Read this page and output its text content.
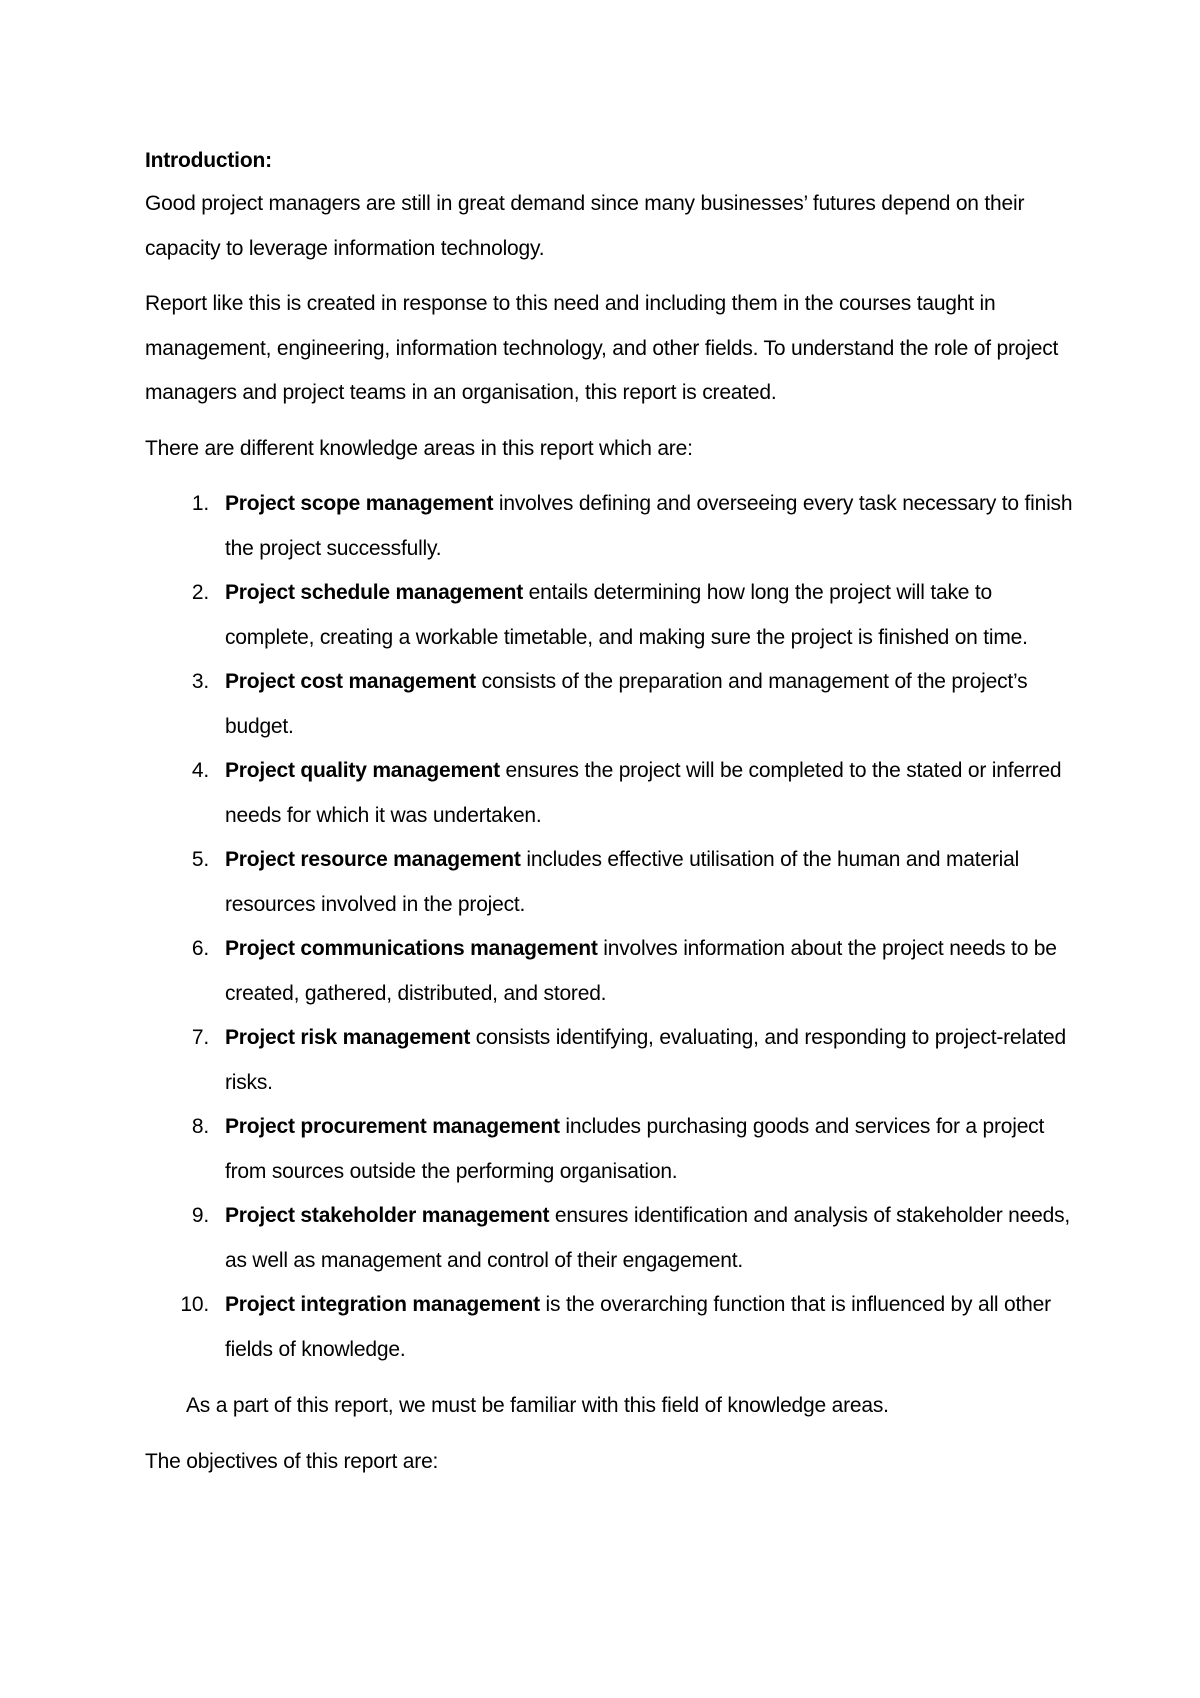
Introduction:

Good project managers are still in great demand since many businesses’ futures depend on their capacity to leverage information technology.

Report like this is created in response to this need and including them in the courses taught in management, engineering, information technology, and other fields. To understand the role of project managers and project teams in an organisation, this report is created.

There are different knowledge areas in this report which are:

1. Project scope management involves defining and overseeing every task necessary to finish the project successfully.
2. Project schedule management entails determining how long the project will take to complete, creating a workable timetable, and making sure the project is finished on time.
3. Project cost management consists of the preparation and management of the project’s budget.
4. Project quality management ensures the project will be completed to the stated or inferred needs for which it was undertaken.
5. Project resource management includes effective utilisation of the human and material resources involved in the project.
6. Project communications management involves information about the project needs to be created, gathered, distributed, and stored.
7. Project risk management consists identifying, evaluating, and responding to project-related risks.
8. Project procurement management includes purchasing goods and services for a project from sources outside the performing organisation.
9. Project stakeholder management ensures identification and analysis of stakeholder needs, as well as management and control of their engagement.
10. Project integration management is the overarching function that is influenced by all other fields of knowledge.

As a part of this report, we must be familiar with this field of knowledge areas.

The objectives of this report are:
